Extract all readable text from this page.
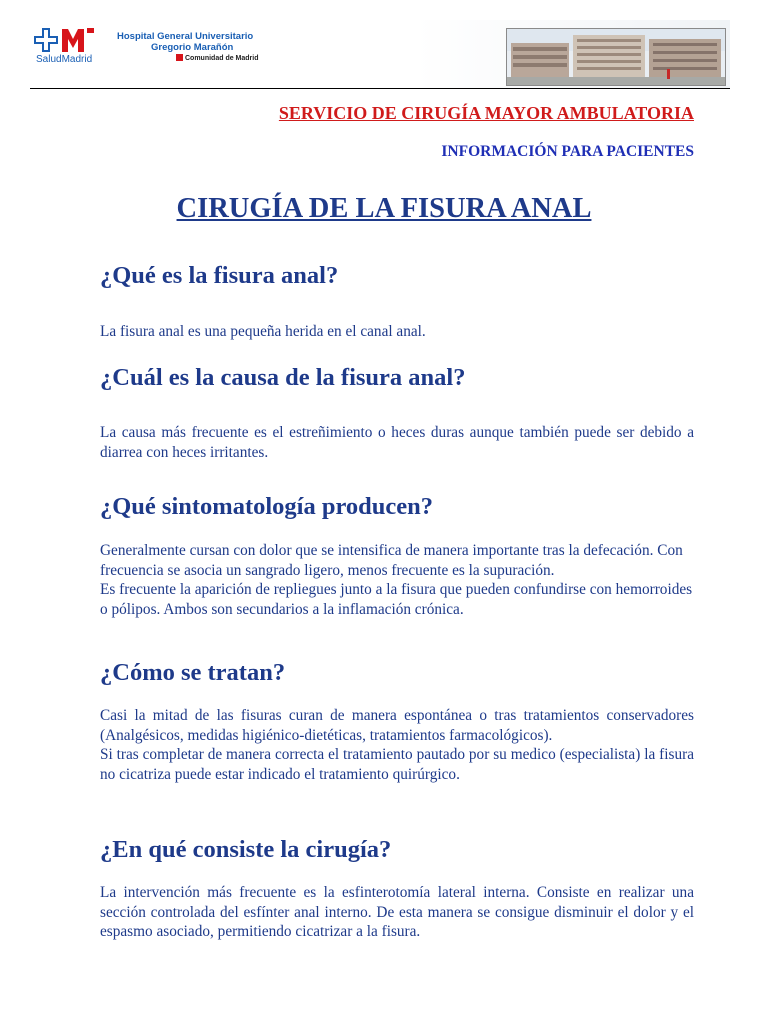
SaludMadrid
Hospital General Universitario
Gregorio Marañón
Comunidad de Madrid
SERVICIO DE CIRUGÍA MAYOR AMBULATORIA
INFORMACIÓN PARA PACIENTES
CIRUGÍA DE LA FISURA ANAL
¿Qué es la fisura anal?

La fisura anal es una pequeña herida en el canal anal.

¿Cuál es la causa de la fisura anal?

La causa más frecuente es el estreñimiento o heces duras aunque también puede ser debido a diarrea con heces irritantes.

¿Qué sintomatología producen?

Generalmente cursan con dolor que se intensifica de manera importante tras la defecación. Con frecuencia se asocia un sangrado ligero, menos frecuente es la supuración.
Es frecuente la aparición de repliegues junto a la fisura que pueden confundirse con hemorroides o pólipos. Ambos son secundarios a la inflamación crónica.

¿Cómo se tratan?

Casi la mitad de las fisuras curan de manera espontánea o tras tratamientos conservadores (Analgésicos, medidas higiénico-dietéticas, tratamientos farmacológicos).
Si tras completar de manera correcta el tratamiento pautado por su medico (especialista) la fisura no cicatriza puede estar indicado el tratamiento quirúrgico.

¿En qué consiste la cirugía?

La intervención más frecuente es la esfinterotomía lateral interna. Consiste en realizar una sección controlada del esfínter anal interno. De esta manera se consigue disminuir el dolor y el espasmo asociado, permitiendo cicatrizar a la fisura.
